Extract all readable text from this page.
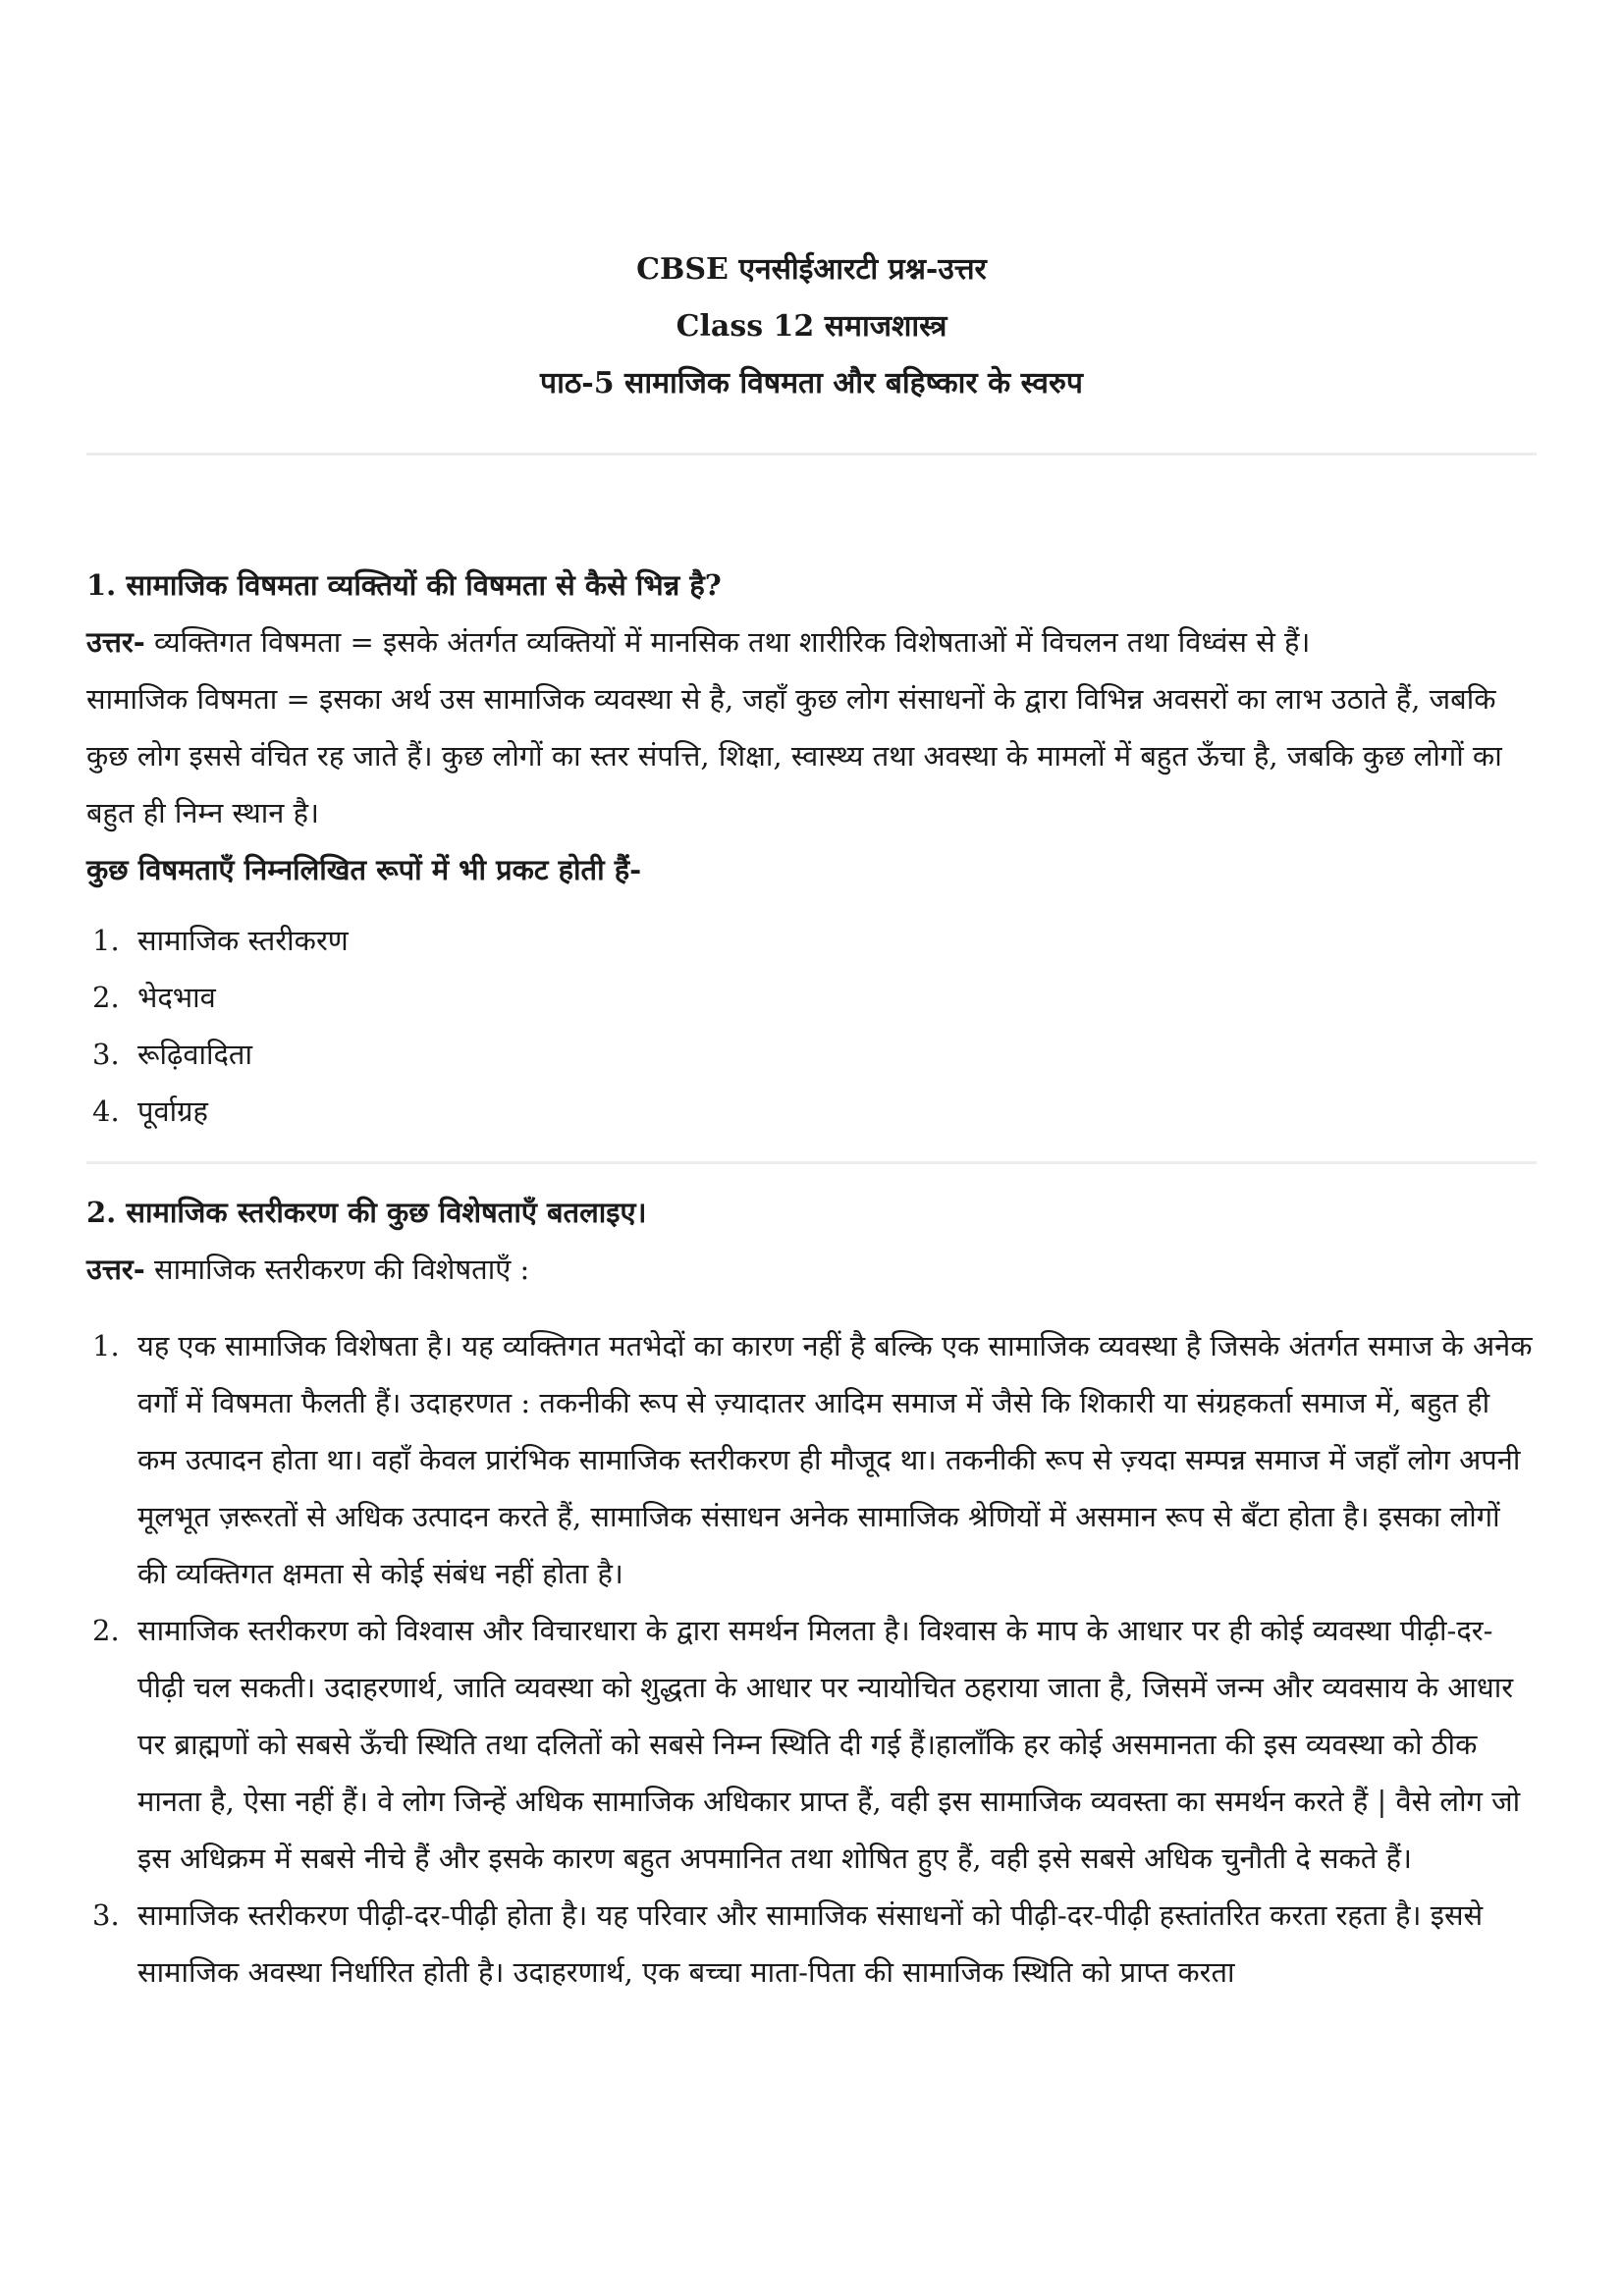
CBSE एनसीईआरटी प्रश्न-उत्तर
Class 12 समाजशास्त्र
पाठ-5 सामाजिक विषमता और बहिष्कार के स्वरुप
1. सामाजिक विषमता व्यक्तियों की विषमता से कैसे भिन्न है?
उत्तर- व्यक्तिगत विषमता = इसके अंतर्गत व्यक्तियों में मानसिक तथा शारीरिक विशेषताओं में विचलन तथा विध्वंस से हैं।
सामाजिक विषमता = इसका अर्थ उस सामाजिक व्यवस्था से है, जहाँ कुछ लोग संसाधनों के द्वारा विभिन्न अवसरों का लाभ उठाते हैं, जबकि कुछ लोग इससे वंचित रह जाते हैं। कुछ लोगों का स्तर संपत्ति, शिक्षा, स्वास्थ्य तथा अवस्था के मामलों में बहुत ऊँचा है, जबकि कुछ लोगों का बहुत ही निम्न स्थान है।
कुछ विषमताएँ निम्नलिखित रूपों में भी प्रकट होती हैं-
1. सामाजिक स्तरीकरण
2. भेदभाव
3. रूढ़िवादिता
4. पूर्वाग्रह
2. सामाजिक स्तरीकरण की कुछ विशेषताएँ बतलाइए।
उत्तर- सामाजिक स्तरीकरण की विशेषताएँ :
1. यह एक सामाजिक विशेषता है। यह व्यक्तिगत मतभेदों का कारण नहीं है बल्कि एक सामाजिक व्यवस्था है जिसके अंतर्गत समाज के अनेक वर्गों में विषमता फैलती हैं। उदाहरणत : तकनीकी रूप से ज़्यादातर आदिम समाज में जैसे कि शिकारी या संग्रहकर्ता समाज में, बहुत ही कम उत्पादन होता था। वहाँ केवल प्रारंभिक सामाजिक स्तरीकरण ही मौजूद था। तकनीकी रूप से ज़्यदा सम्पन्न समाज में जहाँ लोग अपनी मूलभूत ज़रूरतों से अधिक उत्पादन करते हैं, सामाजिक संसाधन अनेक सामाजिक श्रेणियों में असमान रूप से बँटा होता है। इसका लोगों की व्यक्तिगत क्षमता से कोई संबंध नहीं होता है।
2. सामाजिक स्तरीकरण को विश्वास और विचारधारा के द्वारा समर्थन मिलता है। विश्वास के माप के आधार पर ही कोई व्यवस्था पीढ़ी-दर-पीढ़ी चल सकती। उदाहरणार्थ, जाति व्यवस्था को शुद्धता के आधार पर न्यायोचित ठहराया जाता है, जिसमें जन्म और व्यवसाय के आधार पर ब्राह्मणों को सबसे ऊँची स्थिति तथा दलितों को सबसे निम्न स्थिति दी गई हैं।हालाँकि हर कोई असमानता की इस व्यवस्था को ठीक मानता है, ऐसा नहीं हैं। वे लोग जिन्हें अधिक सामाजिक अधिकार प्राप्त हैं, वही इस सामाजिक व्यवस्ता का समर्थन करते हैं | वैसे लोग जो इस अधिक्रम में सबसे नीचे हैं और इसके कारण बहुत अपमानित तथा शोषित हुए हैं, वही इसे सबसे अधिक चुनौती दे सकते हैं।
3. सामाजिक स्तरीकरण पीढ़ी-दर-पीढ़ी होता है। यह परिवार और सामाजिक संसाधनों को पीढ़ी-दर-पीढ़ी हस्तांतरित करता रहता है। इससे सामाजिक अवस्था निर्धारित होती है। उदाहरणार्थ, एक बच्चा माता-पिता की सामाजिक स्थिति को प्राप्त करता
